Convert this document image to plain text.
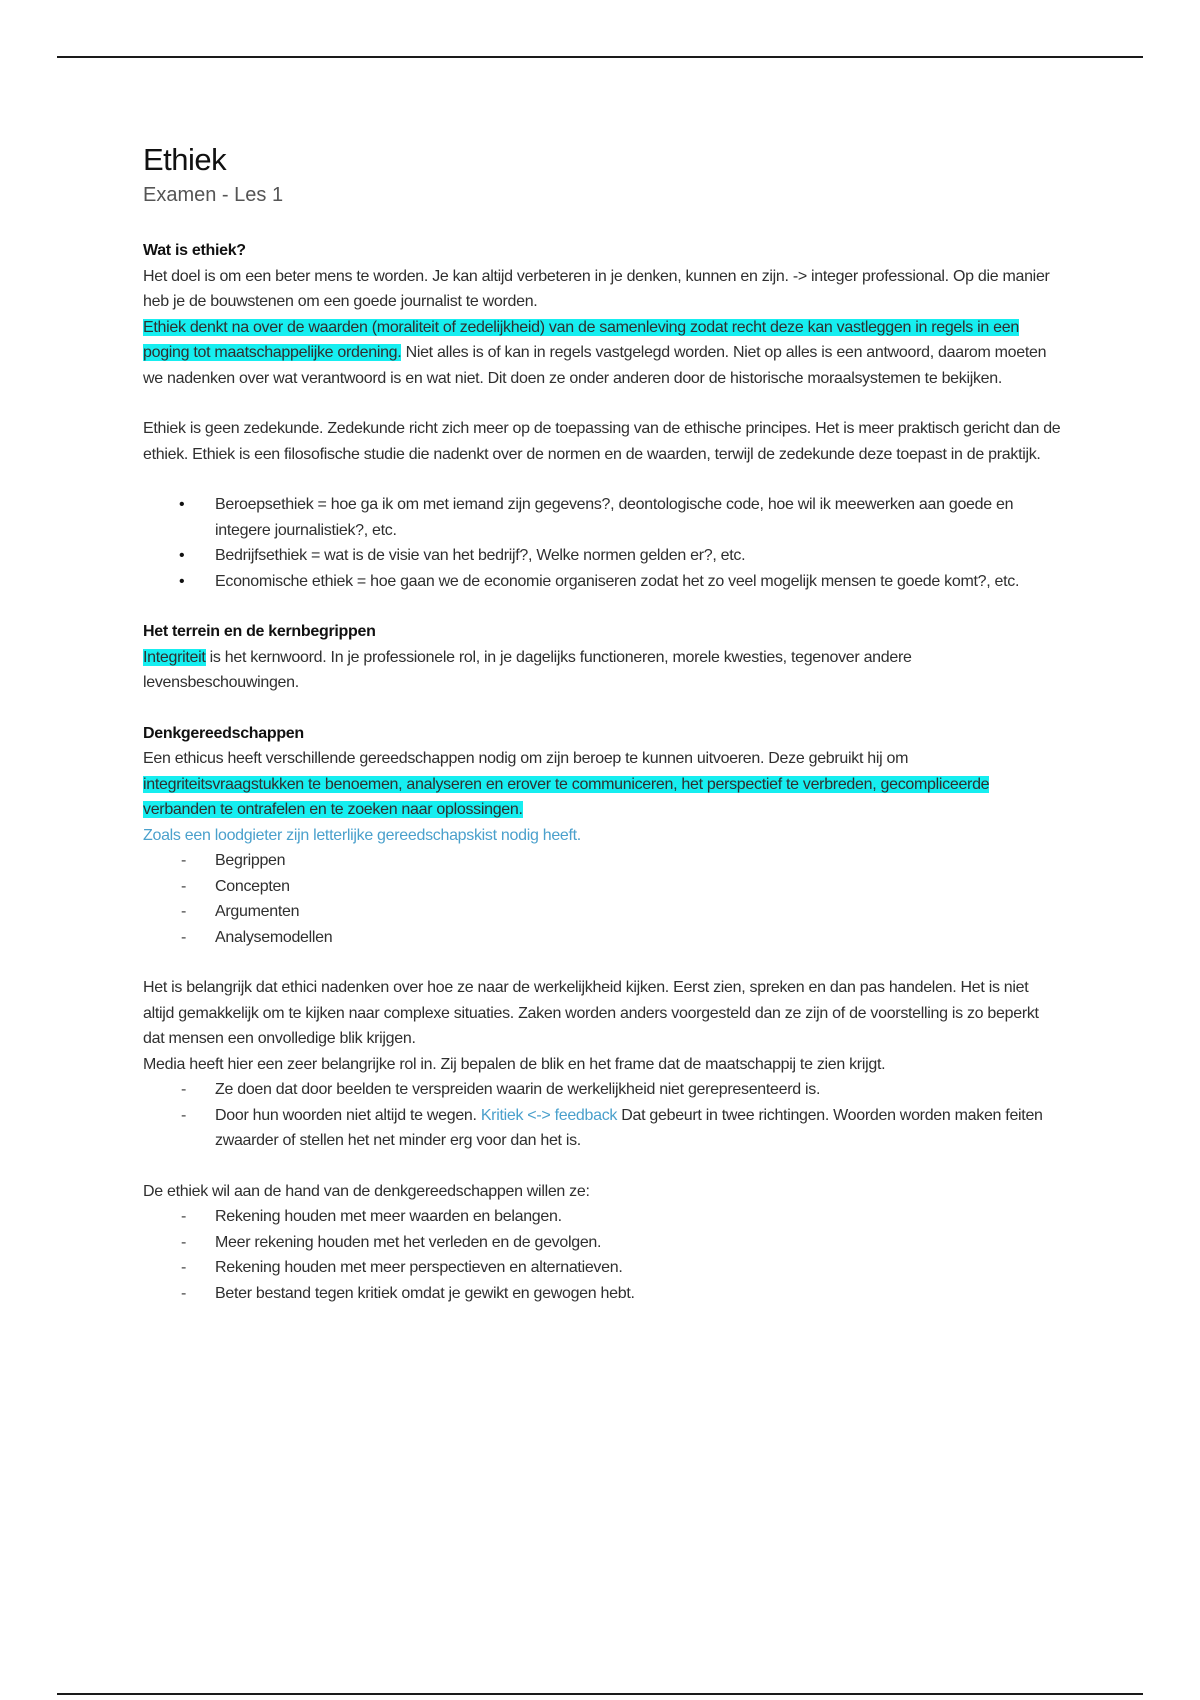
Ethiek
Examen - Les 1
Wat is ethiek?

Het doel is om een beter mens te worden. Je kan altijd verbeteren in je denken, kunnen en zijn. -> integer professional. Op die manier heb je de bouwstenen om een goede journalist te worden.

Ethiek denkt na over de waarden (moraliteit of zedelijkheid) van de samenleving zodat recht deze kan vastleggen in regels in een poging tot maatschappelijke ordening. Niet alles is of kan in regels vastgelegd worden. Niet op alles is een antwoord, daarom moeten we nadenken over wat verantwoord is en wat niet. Dit doen ze onder anderen door de historische moraalsystemen te bekijken.

Ethiek is geen zedekunde. Zedekunde richt zich meer op de toepassing van de ethische principes. Het is meer praktisch gericht dan de ethiek. Ethiek is een filosofische studie die nadenkt over de normen en de waarden, terwijl de zedekunde deze toepast in de praktijk.

• Beroepsethiek = hoe ga ik om met iemand zijn gegevens?, deontologische code, hoe wil ik meewerken aan goede en integere journalistiek?, etc.
• Bedrijfsethiek = wat is de visie van het bedrijf?, Welke normen gelden er?, etc.
• Economische ethiek = hoe gaan we de economie organiseren zodat het zo veel mogelijk mensen te goede komt?, etc.
Het terrein en de kernbegrippen

Integriteit is het kernwoord. In je professionele rol, in je dagelijks functioneren, morele kwesties, tegenover andere levensbeschouwingen.

Denkgereedschappen

Een ethicus heeft verschillende gereedschappen nodig om zijn beroep te kunnen uitvoeren. Deze gebruikt hij om integriteitsvraagstukken te benoemen, analyseren en erover te communiceren, het perspectief te verbreden, gecompliceerde verbanden te ontrafelen en te zoeken naar oplossingen.

Zoals een loodgieter zijn letterlijke gereedschapskist nodig heeft.

- Begrippen
- Concepten
- Argumenten
- Analysemodellen

Het is belangrijk dat ethici nadenken over hoe ze naar de werkelijkheid kijken. Eerst zien, spreken en dan pas handelen. Het is niet altijd gemakkelijk om te kijken naar complexe situaties. Zaken worden anders voorgesteld dan ze zijn of de voorstelling is zo beperkt dat mensen een onvolledige blik krijgen.

Media heeft hier een zeer belangrijke rol in. Zij bepalen de blik en het frame dat de maatschappij te zien krijgt.

- Ze doen dat door beelden te verspreiden waarin de werkelijkheid niet gerepresenteerd is.
- Door hun woorden niet altijd te wegen. Kritiek <-> feedback Dat gebeurt in twee richtingen. Woorden worden maken feiten zwaarder of stellen het net minder erg voor dan het is.

De ethiek wil aan de hand van de denkgereedschappen willen ze:

- Rekening houden met meer waarden en belangen.
- Meer rekening houden met het verleden en de gevolgen.
- Rekening houden met meer perspectieven en alternatieven.
- Beter bestand tegen kritiek omdat je gewikt en gewogen hebt.
